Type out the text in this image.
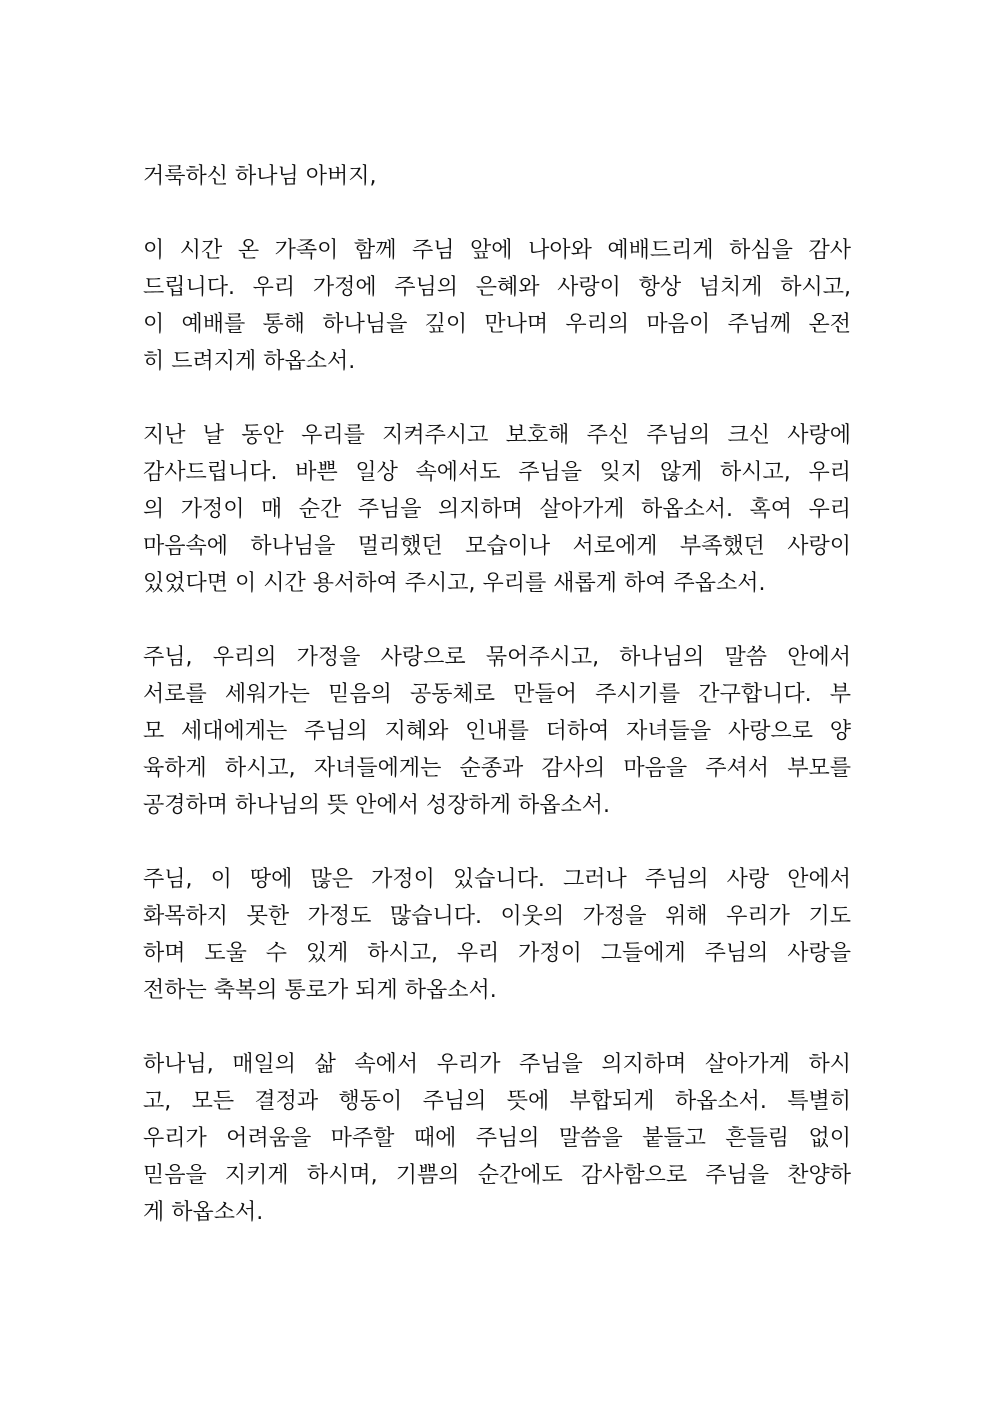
거룩하신 하나님 아버지,
이 시간 온 가족이 함께 주님 앞에 나아와 예배드리게 하심을 감사
드립니다. 우리 가정에 주님의 은혜와 사랑이 항상 넘치게 하시고,
이 예배를 통해 하나님을 깊이 만나며 우리의 마음이 주님께 온전
히 드려지게 하옵소서.
지난 날 동안 우리를 지켜주시고 보호해 주신 주님의 크신 사랑에
감사드립니다. 바쁜 일상 속에서도 주님을 잊지 않게 하시고, 우리
의 가정이 매 순간 주님을 의지하며 살아가게 하옵소서. 혹여 우리
마음속에 하나님을 멀리했던 모습이나 서로에게 부족했던 사랑이
있었다면 이 시간 용서하여 주시고, 우리를 새롭게 하여 주옵소서.
주님, 우리의 가정을 사랑으로 묶어주시고, 하나님의 말씀 안에서
서로를 세워가는 믿음의 공동체로 만들어 주시기를 간구합니다. 부
모 세대에게는 주님의 지혜와 인내를 더하여 자녀들을 사랑으로 양
육하게 하시고, 자녀들에게는 순종과 감사의 마음을 주셔서 부모를
공경하며 하나님의 뜻 안에서 성장하게 하옵소서.
주님, 이 땅에 많은 가정이 있습니다. 그러나 주님의 사랑 안에서
화목하지 못한 가정도 많습니다. 이웃의 가정을 위해 우리가 기도
하며 도울 수 있게 하시고, 우리 가정이 그들에게 주님의 사랑을
전하는 축복의 통로가 되게 하옵소서.
하나님, 매일의 삶 속에서 우리가 주님을 의지하며 살아가게 하시
고, 모든 결정과 행동이 주님의 뜻에 부합되게 하옵소서. 특별히
우리가 어려움을 마주할 때에 주님의 말씀을 붙들고 흔들림 없이
믿음을 지키게 하시며, 기쁨의 순간에도 감사함으로 주님을 찬양하
게 하옵소서.
